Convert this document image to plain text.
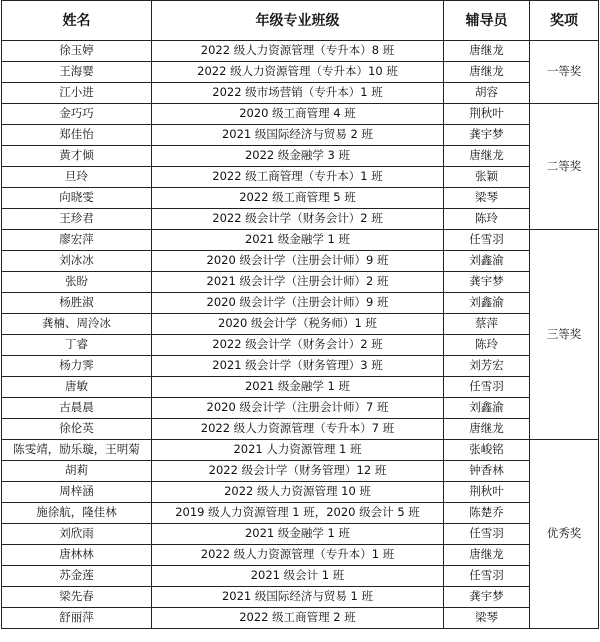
姓名	年级专业班级	辅导员	奖项
徐玉婷	2022 级人力资源管理（专升本）8 班	唐继龙	一等奖
王海婴	2022 级人力资源管理（专升本）10 班	唐继龙	
江小进	2022 级市场营销（专升本）1 班	胡容	
金巧巧	2020 级工商管理 4 班	荆秋叶	二等奖
郑佳怡	2021 级国际经济与贸易 2 班	龚宇梦	
黄才倾	2022 级金融学 3 班	唐继龙	
旦玲	2022 级工商管理（专升本）1 班	张颖	
向晓雯	2022 级工商管理 5 班	梁琴	
王珍君	2022 级会计学（财务会计）2 班	陈玲	
廖宏萍	2021 级金融学 1 班	任雪羽	三等奖
刘冰冰	2020 级会计学（注册会计师）9 班	刘鑫渝	
张盼	2021 级会计学（注册会计师）2 班	龚宇梦	
杨胜淑	2020 级会计学（注册会计师）9 班	刘鑫渝	
龚楠、周泠冰	2020 级会计学（税务师）1 班	蔡萍	
丁睿	2022 级会计学（财务会计）2 班	陈玲	
杨力霁	2021 级会计学（财务管理）3 班	刘芳宏	
唐敏	2021 级金融学 1 班	任雪羽	
古晨晨	2020 级会计学（注册会计师）7 班	刘鑫渝	
徐伦英	2022 级人力资源管理（专升本）7 班	唐继龙	
陈雯靖，励乐璇，王明菊	2021 人力资源管理 1 班	张峻铭	优秀奖
胡莉	2022 级会计学（财务管理）12 班	钟香林	
周梓涵	2022 级人力资源管理 10 班	荆秋叶	
施徐航，隆佳林	2019 级人力资源管理 1 班，2020 级会计 5 班	陈楚乔	
刘欣雨	2021 级金融学 1 班	任雪羽	
唐林林	2022 级人力资源管理（专升本）1 班	唐继龙	
苏金莲	2021 级会计 1 班	任雪羽	
梁先春	2021 级国际经济与贸易 1 班	龚宇梦	
舒丽萍	2022 级工商管理 2 班	梁琴	
